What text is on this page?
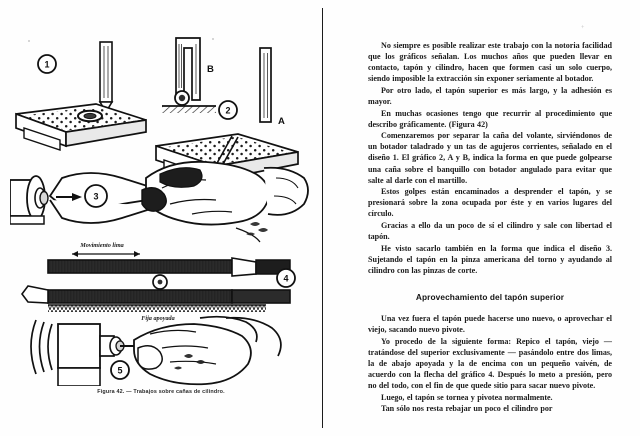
1	B
A
2
3
Movimiento lima
Fija apoyada
4
5
Figura 42. — Trabajos sobre cañas de cilindro.
+

No siempre es posible realizar este trabajo con la notoria facilidad que los gráficos señalan. Los muchos años que pueden llevar en contacto, tapón y cilindro, hacen que formen casi un solo cuerpo, siendo imposible la extracción sin exponer seriamente al botador.

Por otro lado, el tapón superior es más largo, y la adhesión es mayor.

En muchas ocasiones tengo que recurrir al procedimiento que describo gráficamente. (Figura 42)

Comenzaremos por separar la caña del volante, sirviéndonos de un botador taladrado y un tas de agujeros corrientes, señalado en el diseño 1. El gráfico 2, A y B, indica la forma en que puede golpearse una caña sobre el banquillo con botador angulado para evitar que salte al darle con el martillo.

Estos golpes están encaminados a desprender el tapón, y se presionará sobre la zona ocupada por éste y en varios lugares del círculo.

Gracias a ello da un poco de sí el cilindro y sale con libertad el tapón.

He visto sacarlo también en la forma que indica el diseño 3. Sujetando el tapón en la pinza americana del torno y ayudando al cilindro con las pinzas de corte.

Aprovechamiento del tapón superior

Una vez fuera el tapón puede hacerse uno nuevo, o aprovechar el viejo, sacando nuevo pivote.

Yo procedo de la siguiente forma: Repico el tapón, viejo — tratándose del superior exclusivamente — pasándolo entre dos limas, la de abajo apoyada y la de encima con un pequeño vaivén, de acuerdo con la flecha del gráfico 4. Después lo meto a presión, pero no del todo, con el fin de que quede sitio para sacar nuevo pivote.

Luego, el tapón se tornea y pivotea normalmente.

Tan sólo nos resta rebajar un poco el cilindro por
